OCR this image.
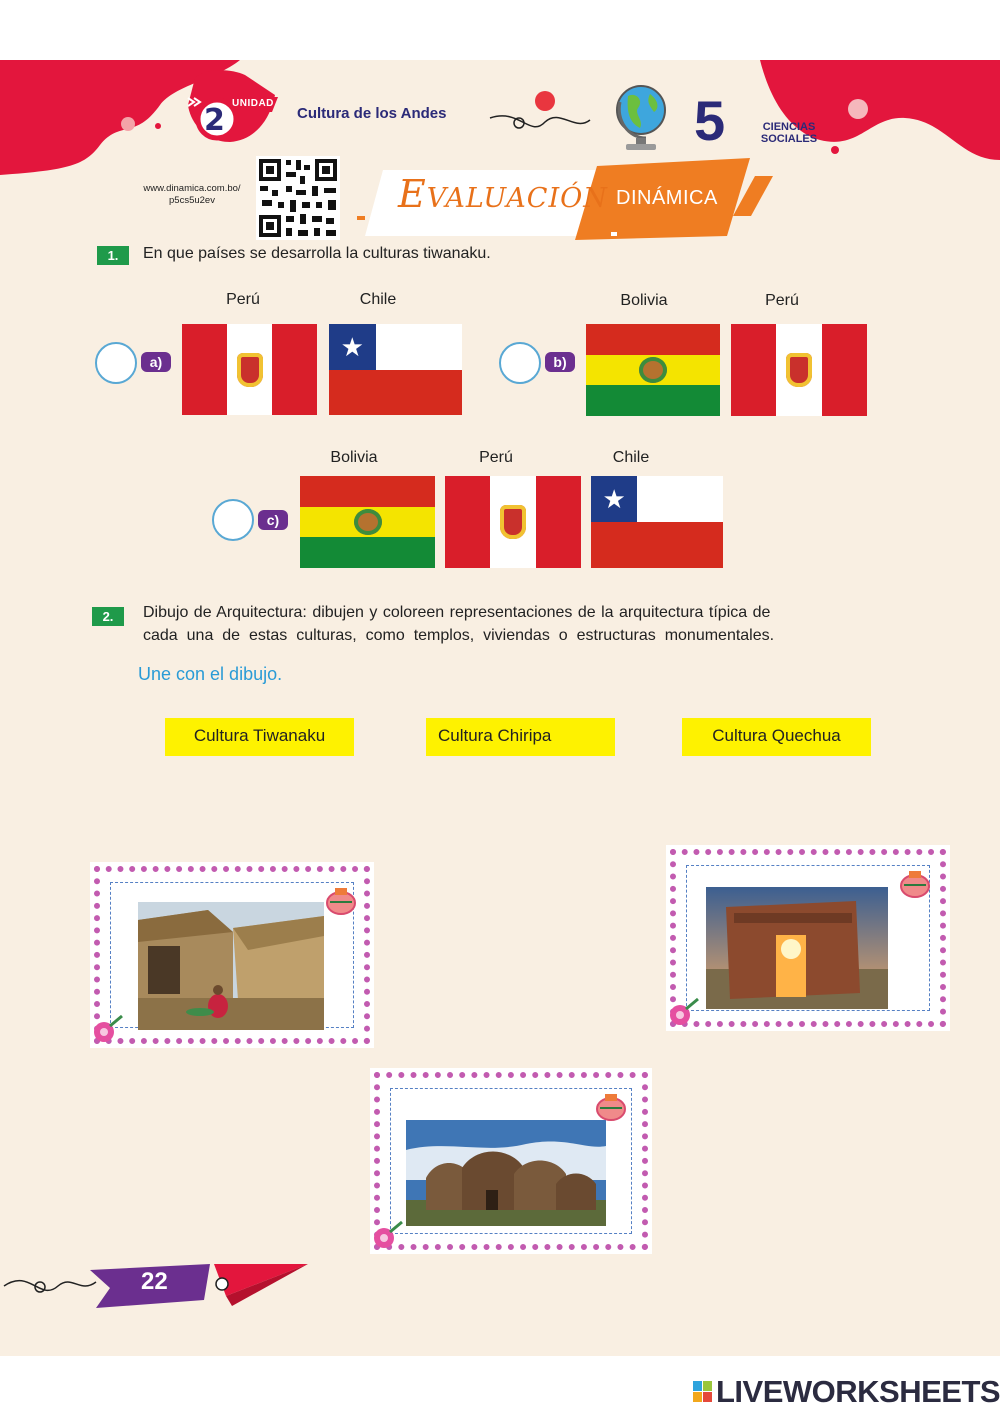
UNIDAD
2	Cultura de los Andes	5	CIENCIAS SOCIALES
www.dinamica.com.bo/ p5cs5u2ev	Evaluación DINÁMICA
1.	En que países se desarrolla la culturas tiwanaku.
a)
Perú	Chile
★	b)
Bolivia	Perú
c)
Bolivia	Perú	Chile
★
2.	Dibujo de Arquitectura: dibujen y coloreen representaciones de la arquitectura típica de
cada una de estas culturas, como templos, viviendas o estructuras monumentales.
Une con el dibujo.
Cultura Tiwanaku	Cultura Chiripa	Cultura Quechua
22
LIVEWORKSHEETS
